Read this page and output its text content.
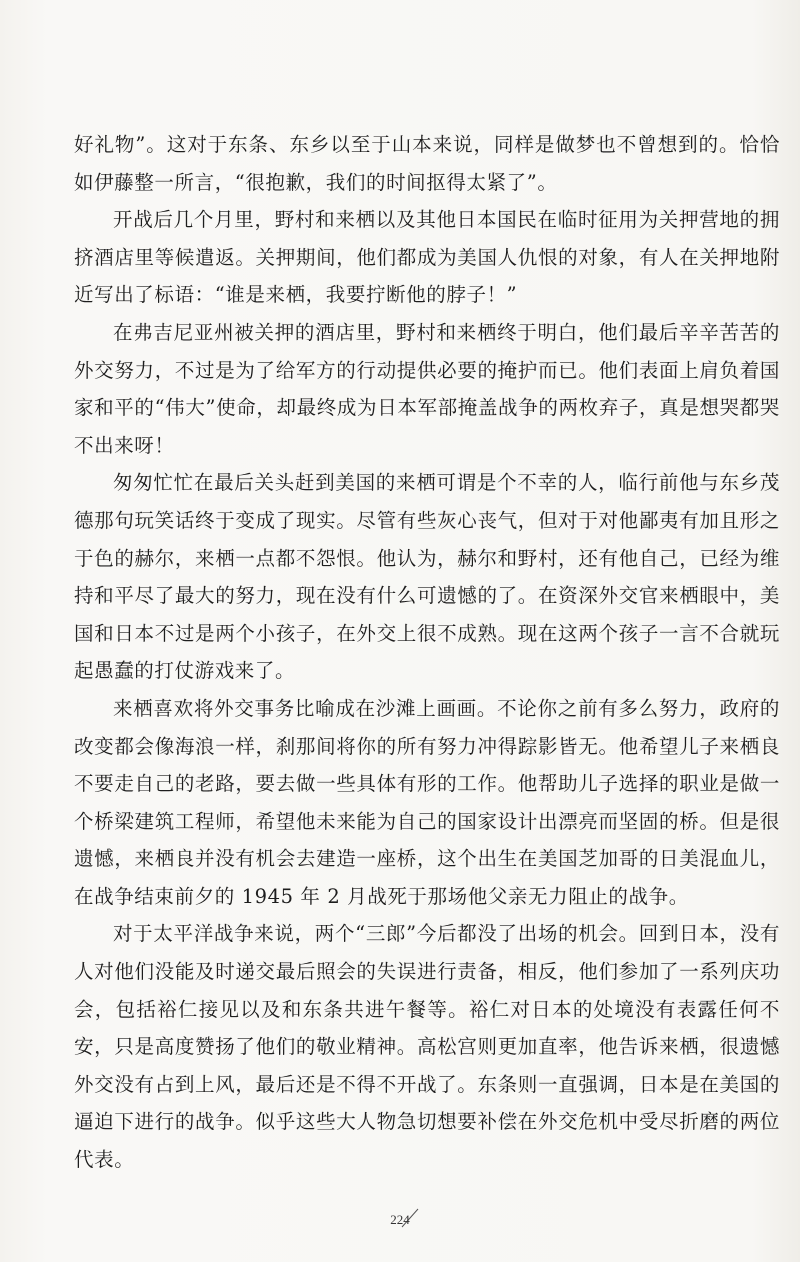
好礼物”。这对于东条、东乡以至于山本来说，同样是做梦也不曾想到的。恰恰如伊藤整一所言，“很抱歉，我们的时间抠得太紧了”。

开战后几个月里，野村和来栖以及其他日本国民在临时征用为关押营地的拥挤酒店里等候遣返。关押期间，他们都成为美国人仇恨的对象，有人在关押地附近写出了标语：“谁是来栖，我要拧断他的脖子！”

在弗吉尼亚州被关押的酒店里，野村和来栖终于明白，他们最后辛辛苦苦的外交努力，不过是为了给军方的行动提供必要的掩护而已。他们表面上肩负着国家和平的“伟大”使命，却最终成为日本军部掩盖战争的两枚弃子，真是想哭都哭不出来呀！

匆匆忙忙在最后关头赶到美国的来栖可谓是个不幸的人，临行前他与东乡茂德那句玩笑话终于变成了现实。尽管有些灰心丧气，但对于对他鄙夷有加且形之于色的赫尔，来栖一点都不怨恨。他认为，赫尔和野村，还有他自己，已经为维持和平尽了最大的努力，现在没有什么可遗憾的了。在资深外交官来栖眼中，美国和日本不过是两个小孩子，在外交上很不成熟。现在这两个孩子一言不合就玩起愚蠢的打仗游戏来了。

来栖喜欢将外交事务比喻成在沙滩上画画。不论你之前有多么努力，政府的改变都会像海浪一样，刹那间将你的所有努力冲得踪影皆无。他希望儿子来栖良不要走自己的老路，要去做一些具体有形的工作。他帮助儿子选择的职业是做一个桥梁建筑工程师，希望他未来能为自己的国家设计出漂亮而坚固的桥。但是很遗憾，来栖良并没有机会去建造一座桥，这个出生在美国芝加哥的日美混血儿，在战争结束前夕的 1945 年 2 月战死于那场他父亲无力阻止的战争。

对于太平洋战争来说，两个“三郎”今后都没了出场的机会。回到日本，没有人对他们没能及时递交最后照会的失误进行责备，相反，他们参加了一系列庆功会，包括裕仁接见以及和东条共进午餐等。裕仁对日本的处境没有表露任何不安，只是高度赞扬了他们的敬业精神。高松宫则更加直率，他告诉来栖，很遗憾外交没有占到上风，最后还是不得不开战了。东条则一直强调，日本是在美国的逼迫下进行的战争。似乎这些大人物急切想要补偿在外交危机中受尽折磨的两位代表。

224
